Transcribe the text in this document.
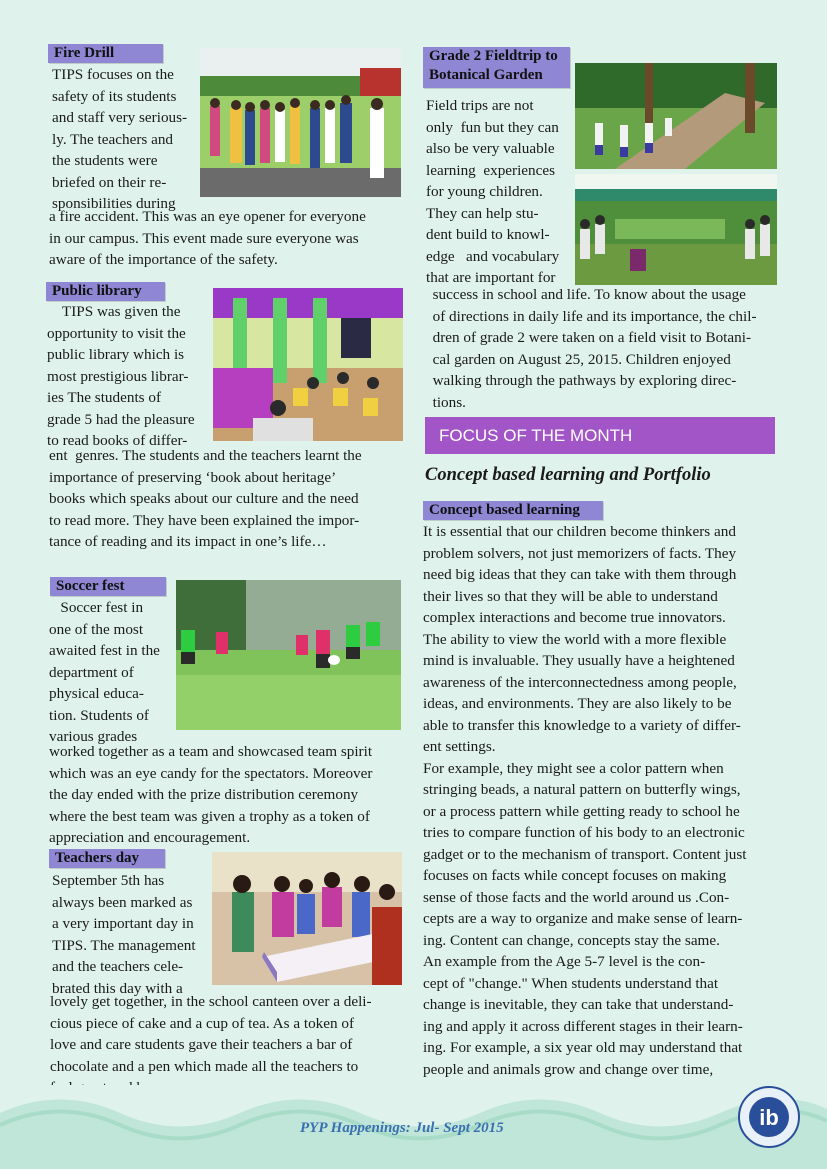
Fire Drill
TIPS focuses on the
safety of its students
and staff very serious-
ly. The teachers and
the students were
briefed on their re-
sponsibilities during
a fire accident. This was an eye opener for everyone
in our campus. This event made sure everyone was
aware of the importance of the safety.
Public library
TIPS was given the
opportunity to visit the
public library which is
most prestigious librar-
ies The students of
grade 5 had the pleasure
to read books of differ-
ent  genres. The students and the teachers learnt the
importance of preserving ‘book about heritage’
books which speaks about our culture and the need
to read more. They have been explained the impor-
tance of reading and its impact in one’s life…
Soccer fest
Soccer fest in
one of the most
awaited fest in the
department of
physical educa-
tion. Students of
various grades
worked together as a team and showcased team spirit
which was an eye candy for the spectators. Moreover
the day ended with the prize distribution ceremony
where the best team was given a trophy as a token of
appreciation and encouragement.
Teachers day
September 5th has
always been marked as
a very important day in
TIPS. The management
and the teachers cele-
brated this day with a
lovely get together, in the school canteen over a deli-
cious piece of cake and a cup of tea. As a token of
love and care students gave their teachers a bar of
chocolate and a pen which made all the teachers to

Grade 2 Fieldtrip to
Botanical Garden
Field trips are not
only  fun but they can
also be very valuable
learning  experiences
for young children.
They can help stu-
dent build to knowl-
edge   and vocabulary
that are important for
success in school and life. To know about the usage
of directions in daily life and its importance, the chil-
dren of grade 2 were taken on a field visit to Botani-
cal garden on August 25, 2015. Children enjoyed
walking through the pathways by exploring direc-
tions.
FOCUS OF THE MONTH
Concept based learning and Portfolio
Concept based learning
It is essential that our children become thinkers and
problem solvers, not just memorizers of facts. They
need big ideas that they can take with them through
their lives so that they will be able to understand
complex interactions and become true innovators.
The ability to view the world with a more flexible
mind is invaluable. They usually have a heightened
awareness of the interconnectedness among people,
ideas, and environments. They are also likely to be
able to transfer this knowledge to a variety of differ-
ent settings.
For example, they might see a color pattern when
stringing beads, a natural pattern on butterfly wings,
or a process pattern while getting ready to school he
tries to compare function of his body to an electronic
gadget or to the mechanism of transport. Content just
focuses on facts while concept focuses on making
sense of those facts and the world around us .Con-
cepts are a way to organize and make sense of learn-
ing. Content can change, concepts stay the same.
An example from the Age 5-7 level is the con-
cept of "change." When students understand that
change is inevitable, they can take that understand-
ing and apply it across different stages in their learn-
ing. For example, a six year old may understand that
people and animals grow and change over time,
PYP Happenings: Jul- Sept 2015	ib
